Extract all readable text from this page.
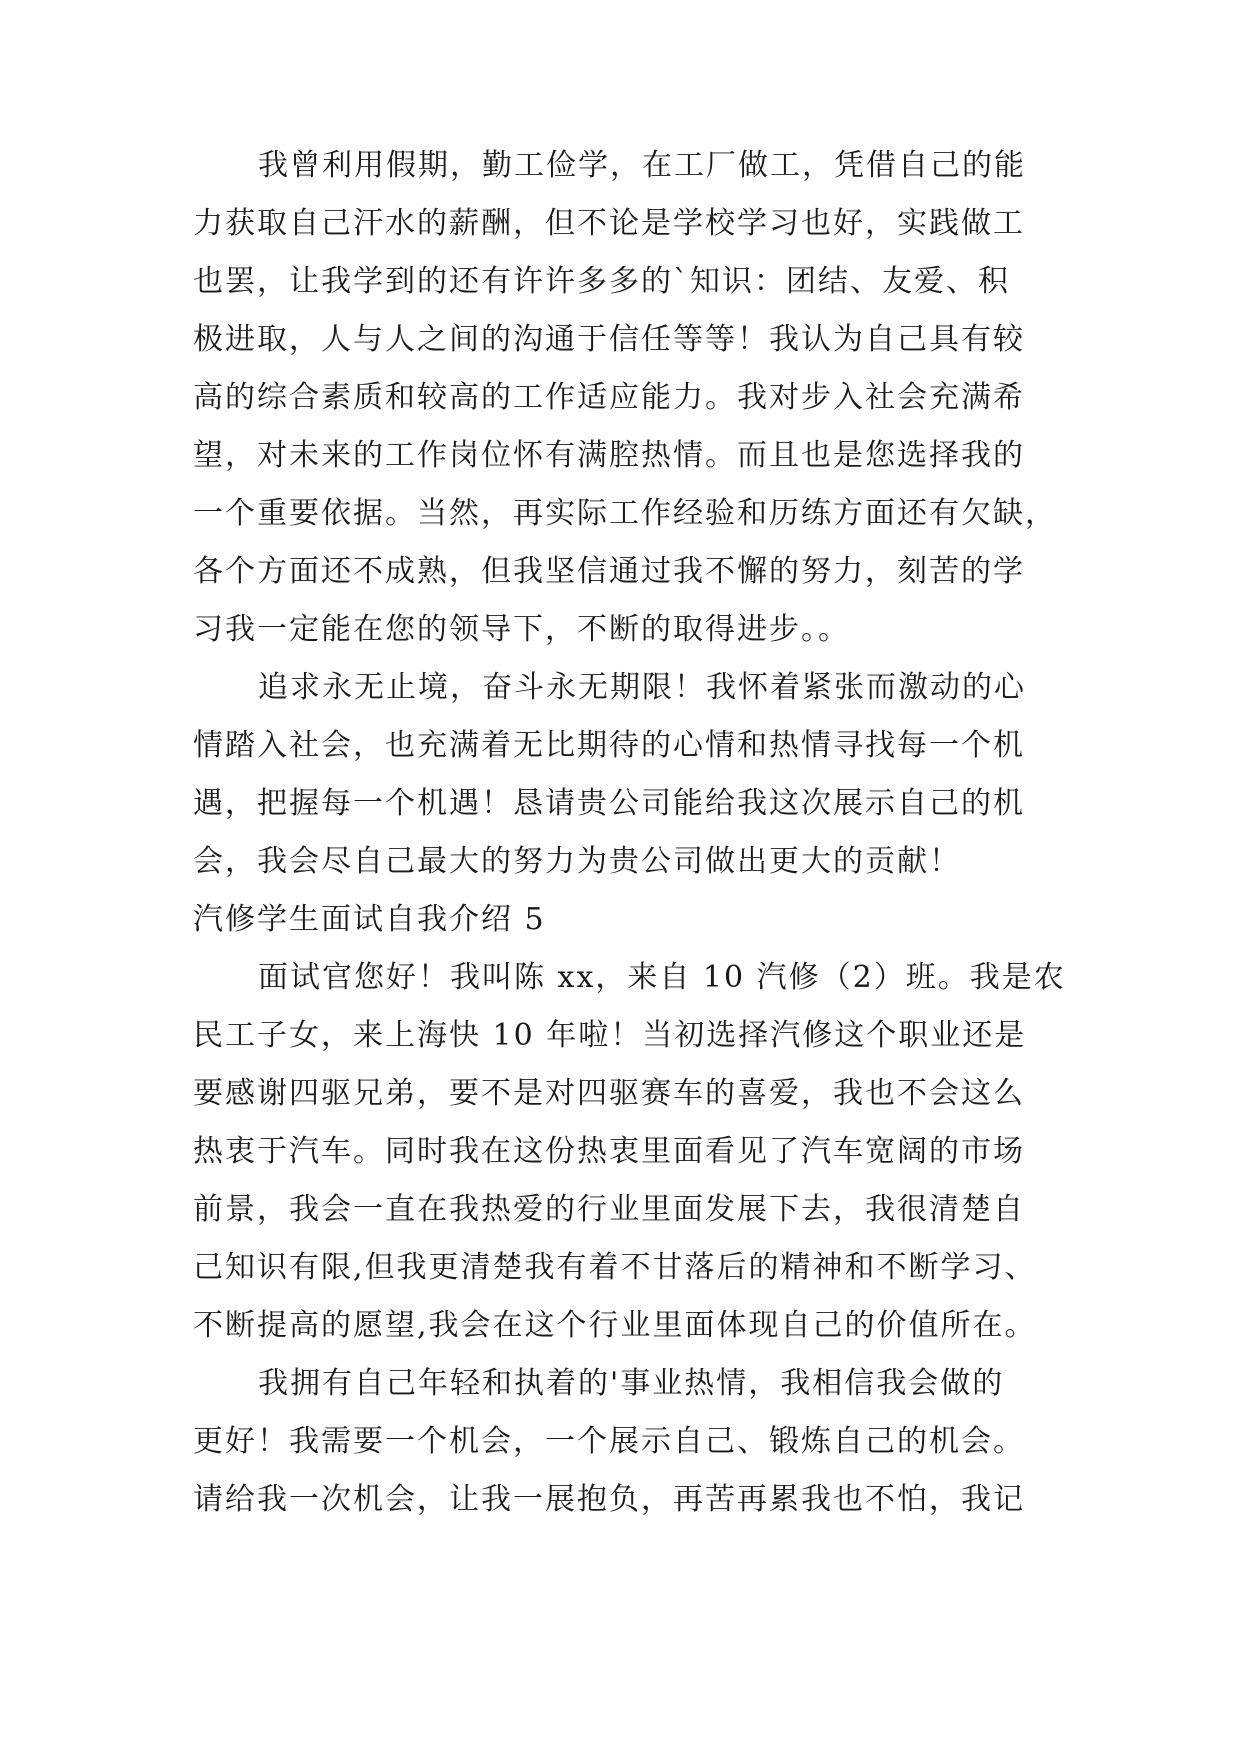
我曾利用假期，勤工俭学，在工厂做工，凭借自己的能
力获取自己汗水的薪酬，但不论是学校学习也好，实践做工
也罢，让我学到的还有许许多多的`知识：团结、友爱、积
极进取，人与人之间的沟通于信任等等！我认为自己具有较
高的综合素质和较高的工作适应能力。我对步入社会充满希
望，对未来的工作岗位怀有满腔热情。而且也是您选择我的
一个重要依据。当然，再实际工作经验和历练方面还有欠缺，
各个方面还不成熟，但我坚信通过我不懈的努力，刻苦的学
习我一定能在您的领导下，不断的取得进步。。
追求永无止境，奋斗永无期限！我怀着紧张而激动的心
情踏入社会，也充满着无比期待的心情和热情寻找每一个机
遇，把握每一个机遇！恳请贵公司能给我这次展示自己的机
会，我会尽自己最大的努力为贵公司做出更大的贡献！
汽修学生面试自我介绍 5
面试官您好！我叫陈 xx，来自 10 汽修（2）班。我是农
民工子女，来上海快 10 年啦！当初选择汽修这个职业还是
要感谢四驱兄弟，要不是对四驱赛车的喜爱，我也不会这么
热衷于汽车。同时我在这份热衷里面看见了汽车宽阔的市场
前景，我会一直在我热爱的行业里面发展下去，我很清楚自
己知识有限,但我更清楚我有着不甘落后的精神和不断学习、
不断提高的愿望,我会在这个行业里面体现自己的价值所在。
我拥有自己年轻和执着的'事业热情，我相信我会做的
更好！我需要一个机会，一个展示自己、锻炼自己的机会。
请给我一次机会，让我一展抱负，再苦再累我也不怕，我记
